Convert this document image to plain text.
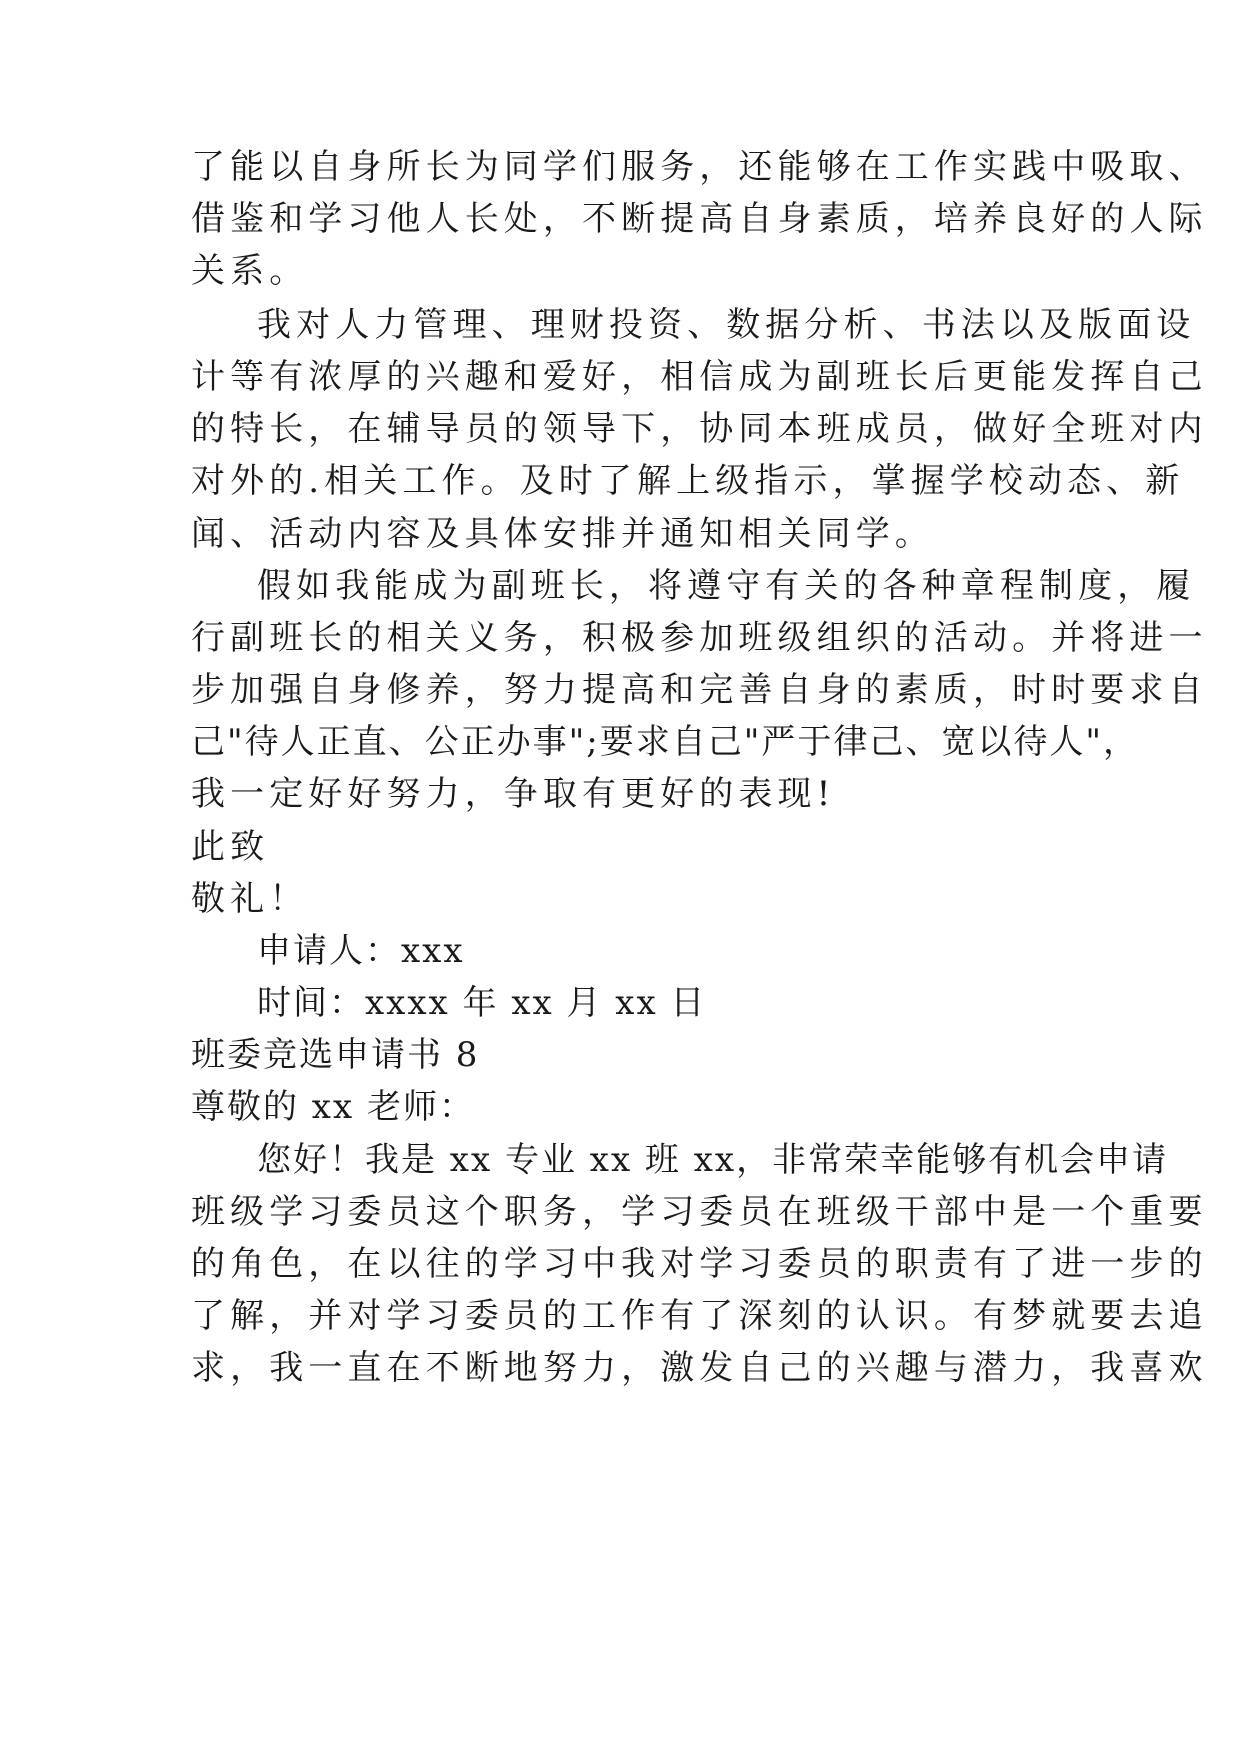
了能以自身所长为同学们服务，还能够在工作实践中吸取、

借鉴和学习他人长处，不断提高自身素质，培养良好的人际

关系。

我对人力管理、理财投资、数据分析、书法以及版面设

计等有浓厚的兴趣和爱好，相信成为副班长后更能发挥自己

的特长，在辅导员的领导下，协同本班成员，做好全班对内

对外的.相关工作。及时了解上级指示，掌握学校动态、新

闻、活动内容及具体安排并通知相关同学。

假如我能成为副班长，将遵守有关的各种章程制度，履

行副班长的相关义务，积极参加班级组织的活动。并将进一

步加强自身修养，努力提高和完善自身的素质，时时要求自

己"待人正直、公正办事";要求自己"严于律己、宽以待人"，

我一定好好努力，争取有更好的表现!

此致

敬礼！

申请人：xxx

时间：xxxx 年 xx 月 xx 日

班委竞选申请书 8

尊敬的 xx 老师：

您好！我是 xx 专业 xx 班 xx，非常荣幸能够有机会申请

班级学习委员这个职务，学习委员在班级干部中是一个重要

的角色，在以往的学习中我对学习委员的职责有了进一步的

了解，并对学习委员的工作有了深刻的认识。有梦就要去追

求，我一直在不断地努力，激发自己的兴趣与潜力，我喜欢
